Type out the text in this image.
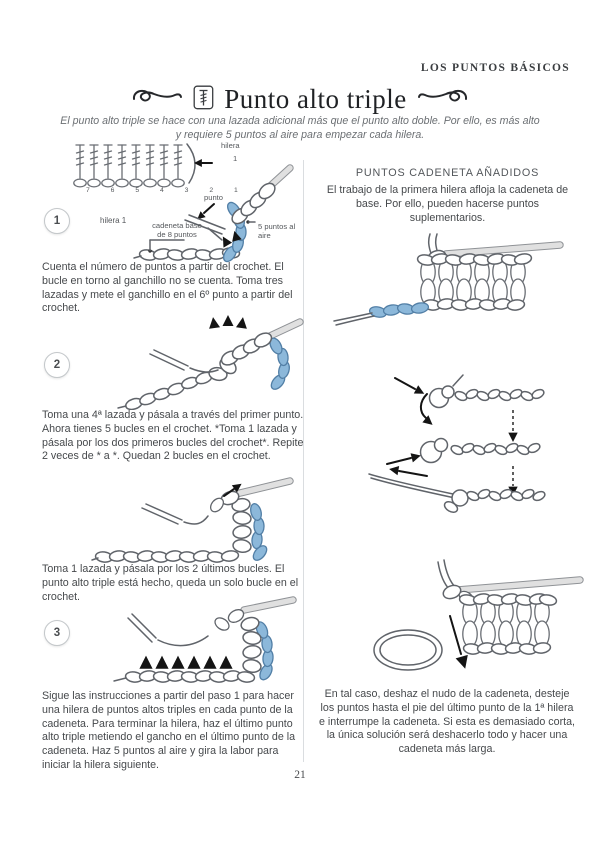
LOS PUNTOS BÁSICOS
Punto alto triple
El punto alto triple se hace con una lazada adicional más que el punto alto doble. Por ello, es más alto y requiere 5 puntos al aire para empezar cada hilera.
7 6 5 4 3 2 1
hilera
1
punto
1	hilera 1
cadeneta base de 8 puntos
5 puntos al aire
Cuenta el número de puntos a partir del crochet. El bucle en torno al ganchillo no se cuenta. Toma tres lazadas y mete el ganchillo en el 6º punto a partir del crochet.
2
Toma una 4ª lazada y pásala a través del primer punto. Ahora tienes 5 bucles en el crochet. *Toma 1 lazada y pásala por los dos primeros bucles del crochet*. Repite 2 veces de * a *. Quedan 2 bucles en el crochet.
Toma 1 lazada y pásala por los 2 últimos bucles. El punto alto triple está hecho, queda un solo bucle en el crochet.
3
Sigue las instrucciones a partir del paso 1 para hacer una hilera de puntos altos triples en cada punto de la cadeneta. Para terminar la hilera, haz el último punto alto triple metiendo el gancho en el último punto de la cadeneta. Haz 5 puntos al aire y gira la labor para iniciar la hilera siguiente.
PUNTOS CADENETA AÑADIDOS
El trabajo de la primera hilera afloja la cadeneta de base. Por ello, pueden hacerse puntos suplementarios.
En tal caso, deshaz el nudo de la cadeneta, desteje los puntos hasta el pie del último punto de la 1ª hilera e interrumpe la cadeneta. Si esta es demasiado corta, la única solución será deshacerlo todo y hacer una cadeneta más larga.
21
